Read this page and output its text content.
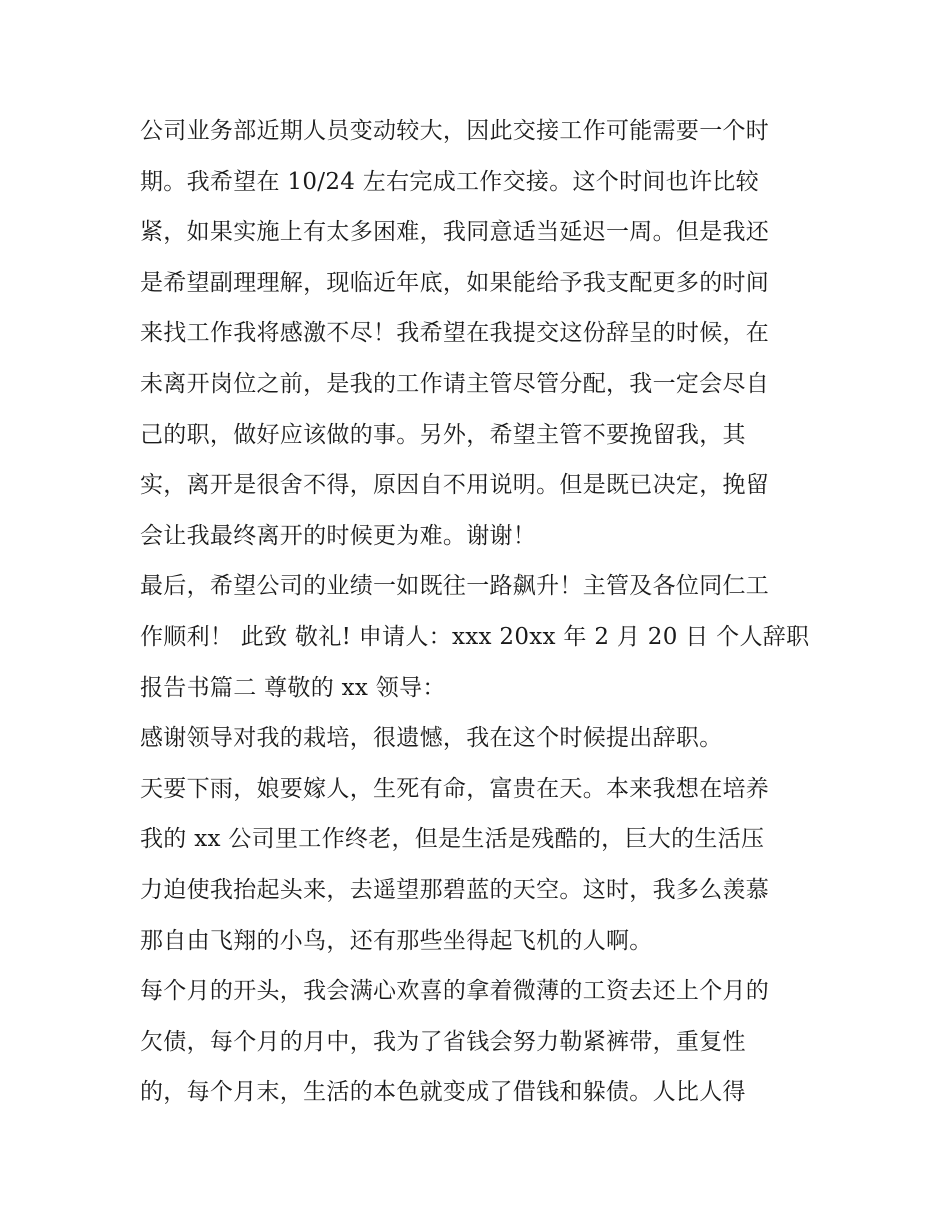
公司业务部近期人员变动较大，因此交接工作可能需要一个时
期。我希望在 10/24 左右完成工作交接。这个时间也许比较
紧，如果实施上有太多困难，我同意适当延迟一周。但是我还
是希望副理理解，现临近年底，如果能给予我支配更多的时间
来找工作我将感激不尽！我希望在我提交这份辞呈的时候，在
未离开岗位之前，是我的工作请主管尽管分配，我一定会尽自
己的职，做好应该做的事。另外，希望主管不要挽留我，其
实，离开是很舍不得，原因自不用说明。但是既已决定，挽留
会让我最终离开的时候更为难。谢谢！
最后，希望公司的业绩一如既往一路飙升！主管及各位同仁工
作顺利！ 此致 敬礼! 申请人：xxx 20xx 年 2 月 20 日 个人辞职
报告书篇二 尊敬的 xx 领导：
感谢领导对我的栽培，很遗憾，我在这个时候提出辞职。
天要下雨，娘要嫁人，生死有命，富贵在天。本来我想在培养
我的 xx 公司里工作终老，但是生活是残酷的，巨大的生活压
力迫使我抬起头来，去遥望那碧蓝的天空。这时，我多么羡慕
那自由飞翔的小鸟，还有那些坐得起飞机的人啊。
每个月的开头，我会满心欢喜的拿着微薄的工资去还上个月的
欠债，每个月的月中，我为了省钱会努力勒紧裤带，重复性
的，每个月末，生活的本色就变成了借钱和躲债。人比人得
